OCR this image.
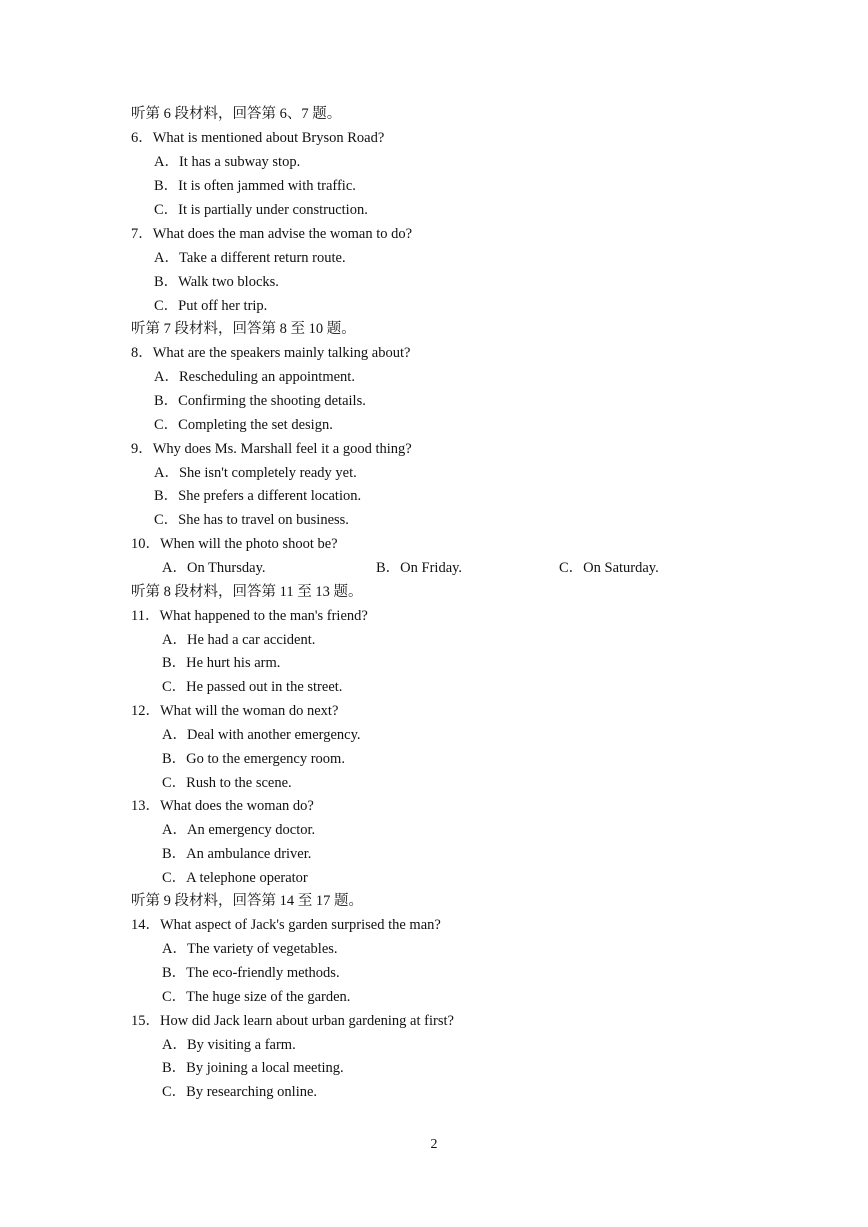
听第 6 段材料，回答第 6、7 题。
6．What is mentioned about Bryson Road?
A．It has a subway stop.
B．It is often jammed with traffic.
C．It is partially under construction.
7．What does the man advise the woman to do?
A．Take a different return route.
B．Walk two blocks.
C．Put off her trip.
听第 7 段材料，回答第 8 至 10 题。
8．What are the speakers mainly talking about?
A．Rescheduling an appointment.
B．Confirming the shooting details.
C．Completing the set design.
9．Why does Ms. Marshall feel it a good thing?
A．She isn't completely ready yet.
B．She prefers a different location.
C．She has to travel on business.
10．When will the photo shoot be?
A．On Thursday.	B．On Friday.	C．On Saturday.
听第 8 段材料，回答第 11 至 13 题。
11．What happened to the man's friend?
A．He had a car accident.
B．He hurt his arm.
C．He passed out in the street.
12．What will the woman do next?
A．Deal with another emergency.
B．Go to the emergency room.
C．Rush to the scene.
13．What does the woman do?
A．An emergency doctor.
B．An ambulance driver.
C．A telephone operator
听第 9 段材料，回答第 14 至 17 题。
14．What aspect of Jack's garden surprised the man?
A．The variety of vegetables.
B．The eco-friendly methods.
C．The huge size of the garden.
15．How did Jack learn about urban gardening at first?
A．By visiting a farm.
B．By joining a local meeting.
C．By researching online.
2
